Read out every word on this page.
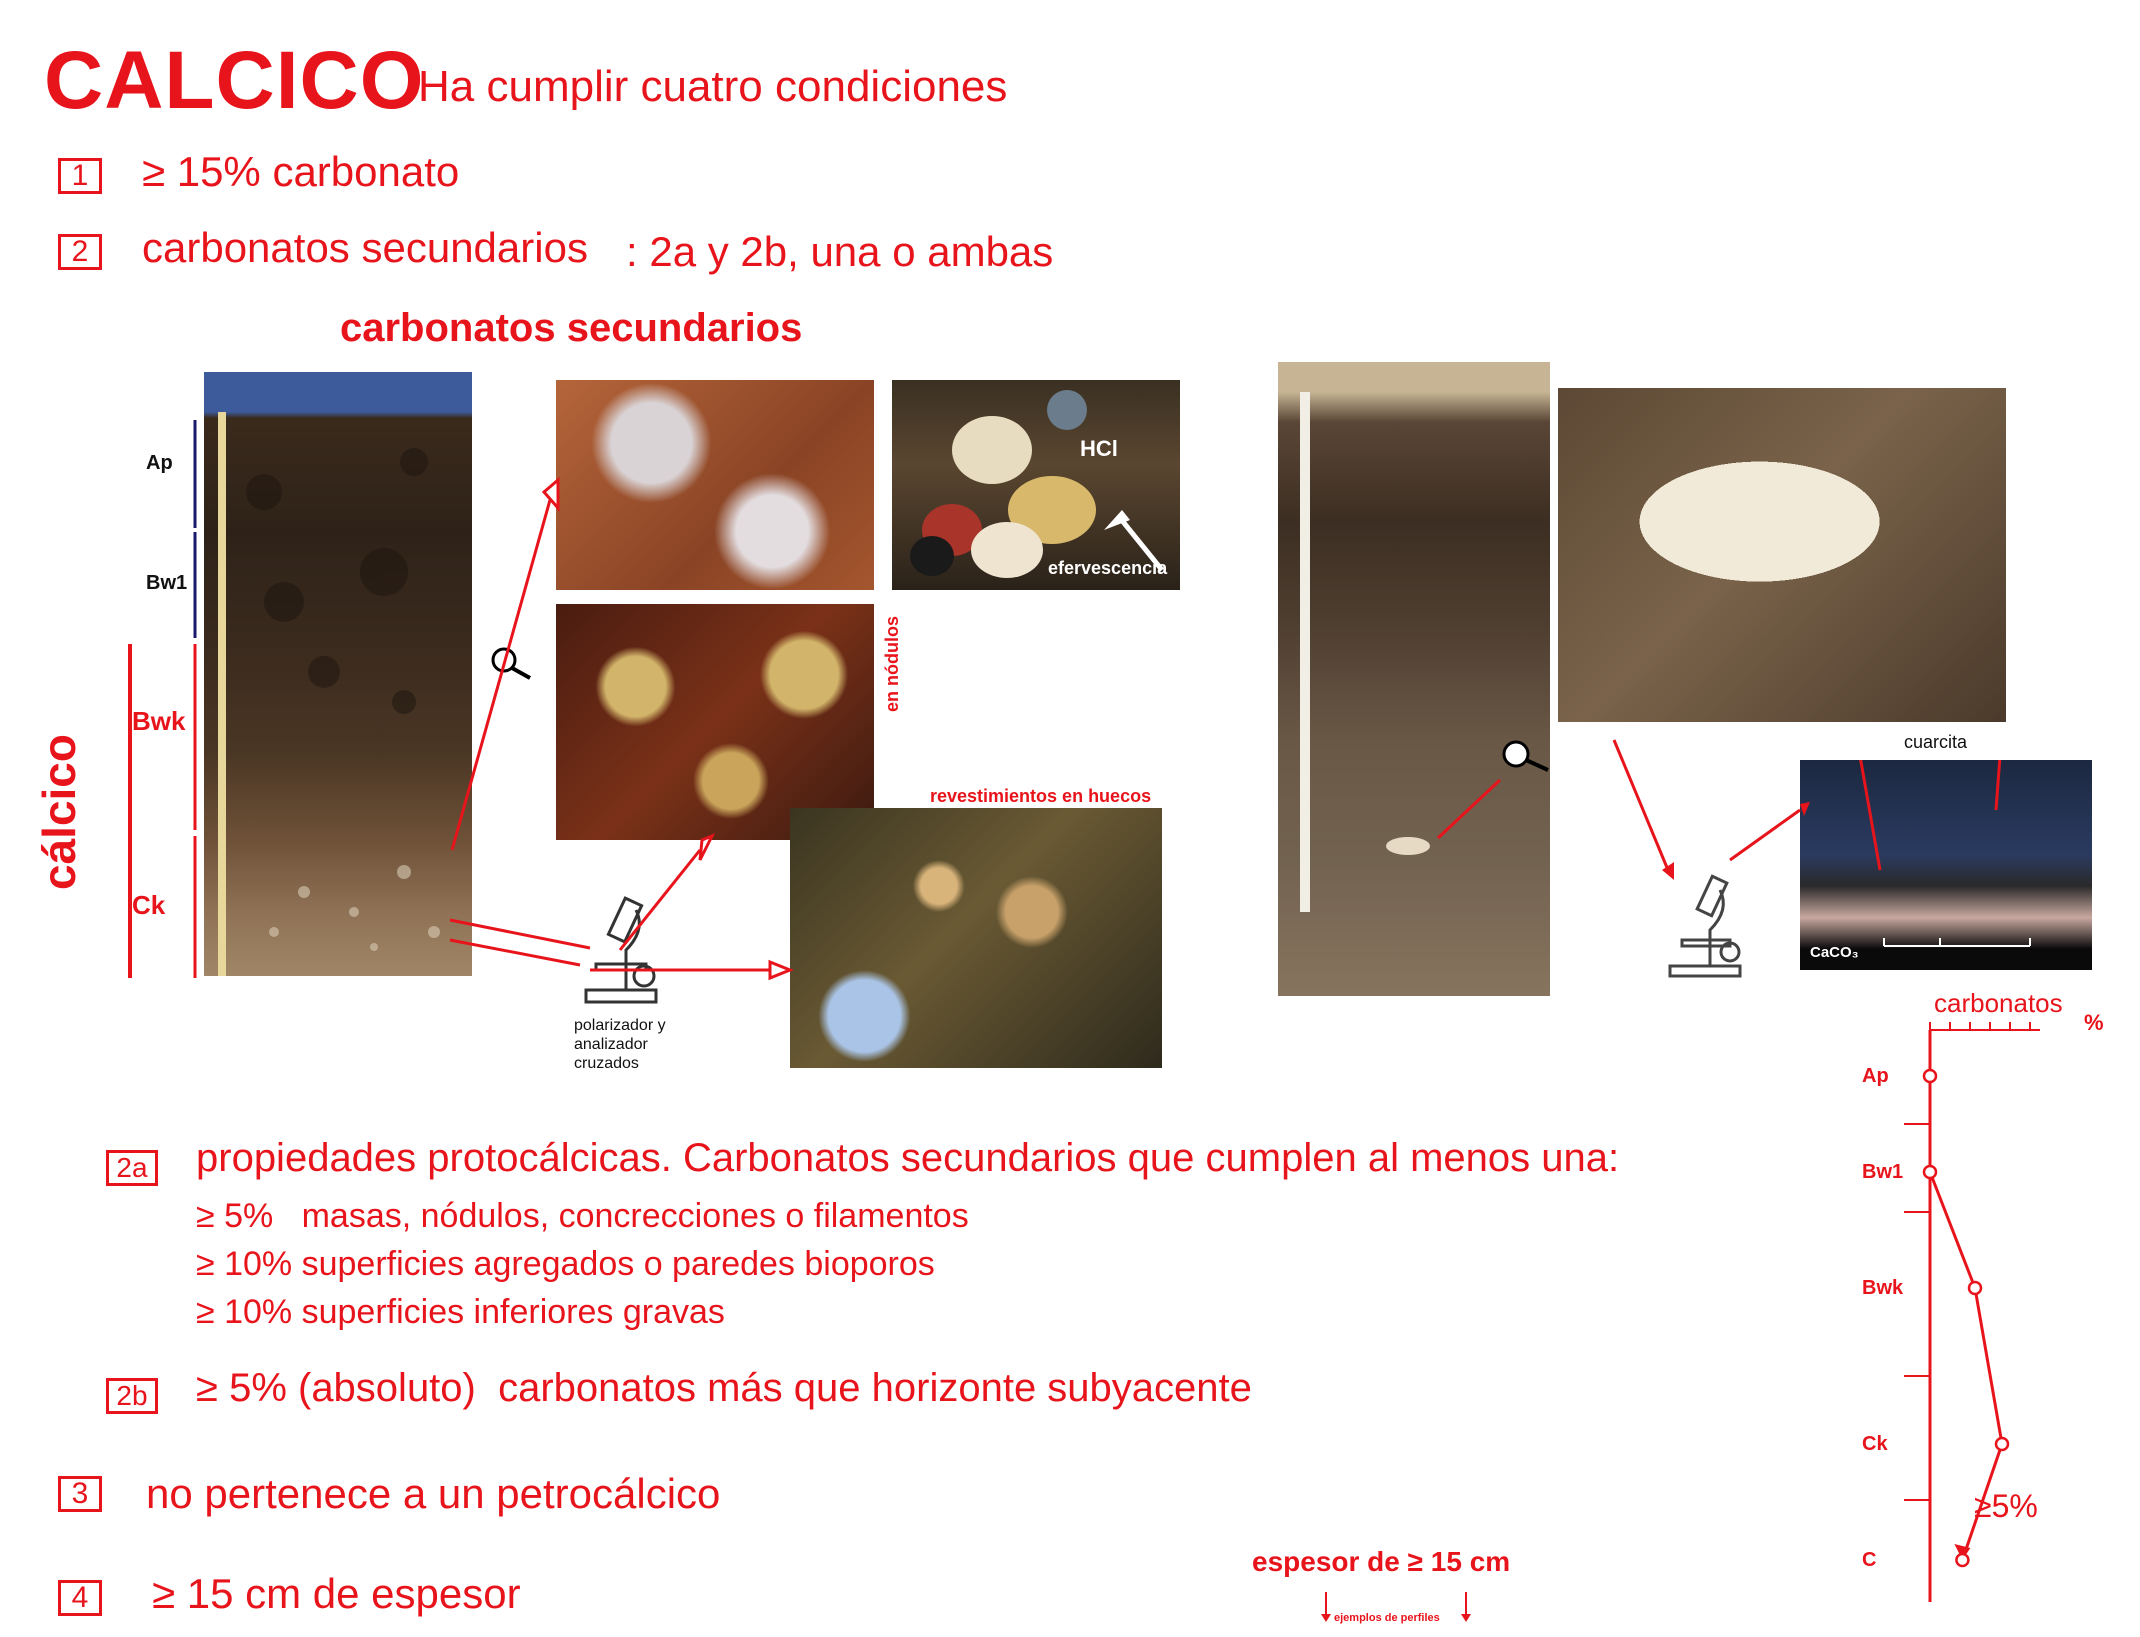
CALCICO
Ha cumplir cuatro condiciones
1	≥ 15% carbonato
2	carbonatos secundarios : 2a y 2b, una o ambas
carbonatos secundarios
Ap
Bw1
Bwk
Ck
cálcico
HCl
efervescencia
en nódulos
revestimientos en huecos
polarizador y
analizador
cruzados
cuarcita
CaCO₃
2a propiedades protocálcicas. Carbonatos secundarios que cumplen al menos una:
≥ 5%   masas, nódulos, concrecciones o filamentos
≥ 10% superficies agregados o paredes bioporos
≥ 10% superficies inferiores gravas
2b ≥ 5% (absoluto)  carbonatos más que horizonte subyacente
3	no pertenece a un petrocálcico
4	≥ 15 cm de espesor
espesor de ≥ 15 cm
ejemplos de perfiles
carbonatos
%
≥5%
Ap
Bw1
Bwk
Ck
C
